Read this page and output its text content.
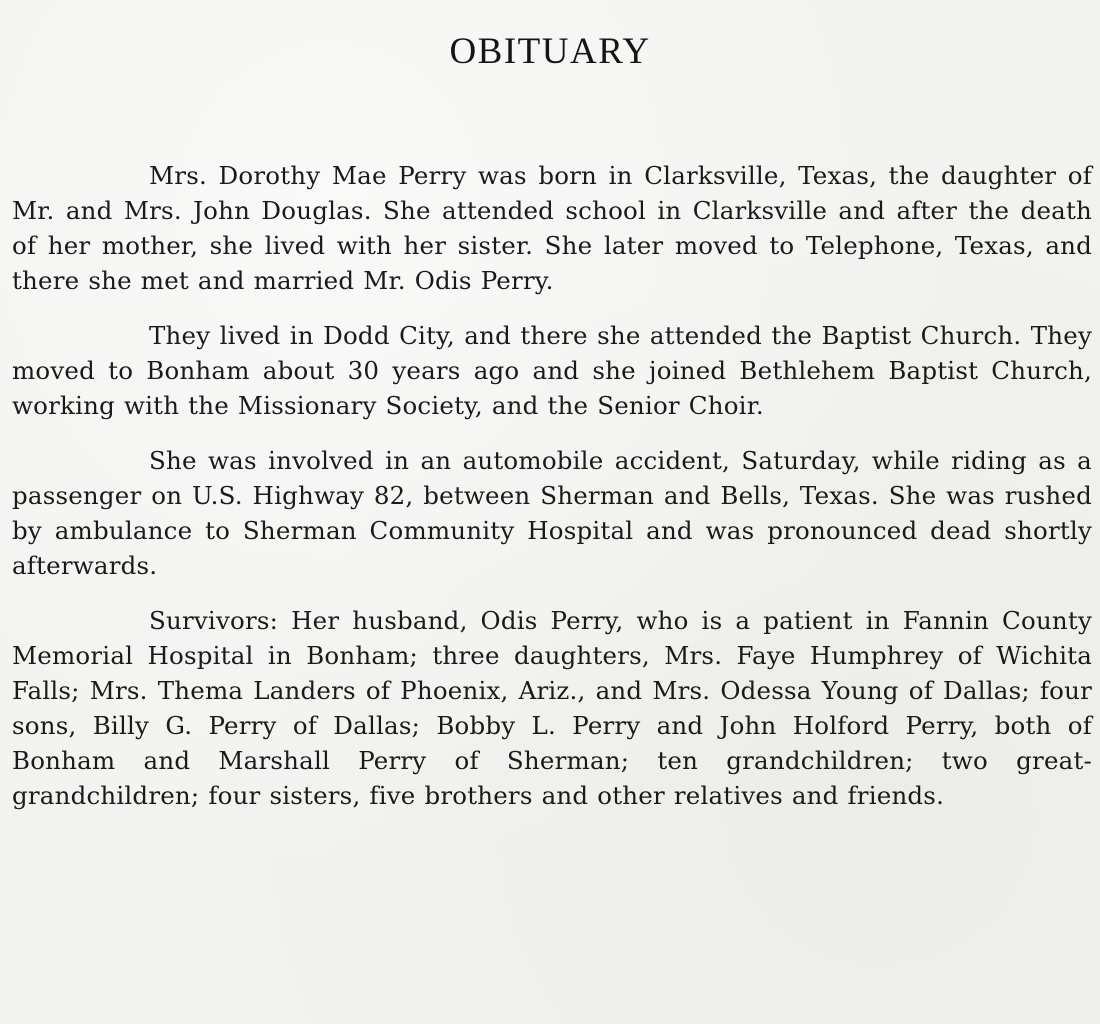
OBITUARY

Mrs. Dorothy Mae Perry was born in Clarksville, Texas, the daughter of Mr. and Mrs. John Douglas. She attended school in Clarksville and after the death of her mother, she lived with her sister. She later moved to Telephone, Texas, and there she met and married Mr. Odis Perry.

They lived in Dodd City, and there she attended the Baptist Church. They moved to Bonham about 30 years ago and she joined Bethlehem Baptist Church, working with the Missionary Society, and the Senior Choir.

She was involved in an automobile accident, Saturday, while riding as a passenger on U.S. Highway 82, between Sherman and Bells, Texas. She was rushed by ambulance to Sherman Community Hospital and was pronounced dead shortly afterwards.

Survivors: Her husband, Odis Perry, who is a patient in Fannin County Memorial Hospital in Bonham; three daughters, Mrs. Faye Humphrey of Wichita Falls; Mrs. Thema Landers of Phoenix, Ariz., and Mrs. Odessa Young of Dallas; four sons, Billy G. Perry of Dallas; Bobby L. Perry and John Holford Perry, both of Bonham and Marshall Perry of Sherman; ten grandchildren; two great-grandchildren; four sisters, five brothers and other relatives and friends.
